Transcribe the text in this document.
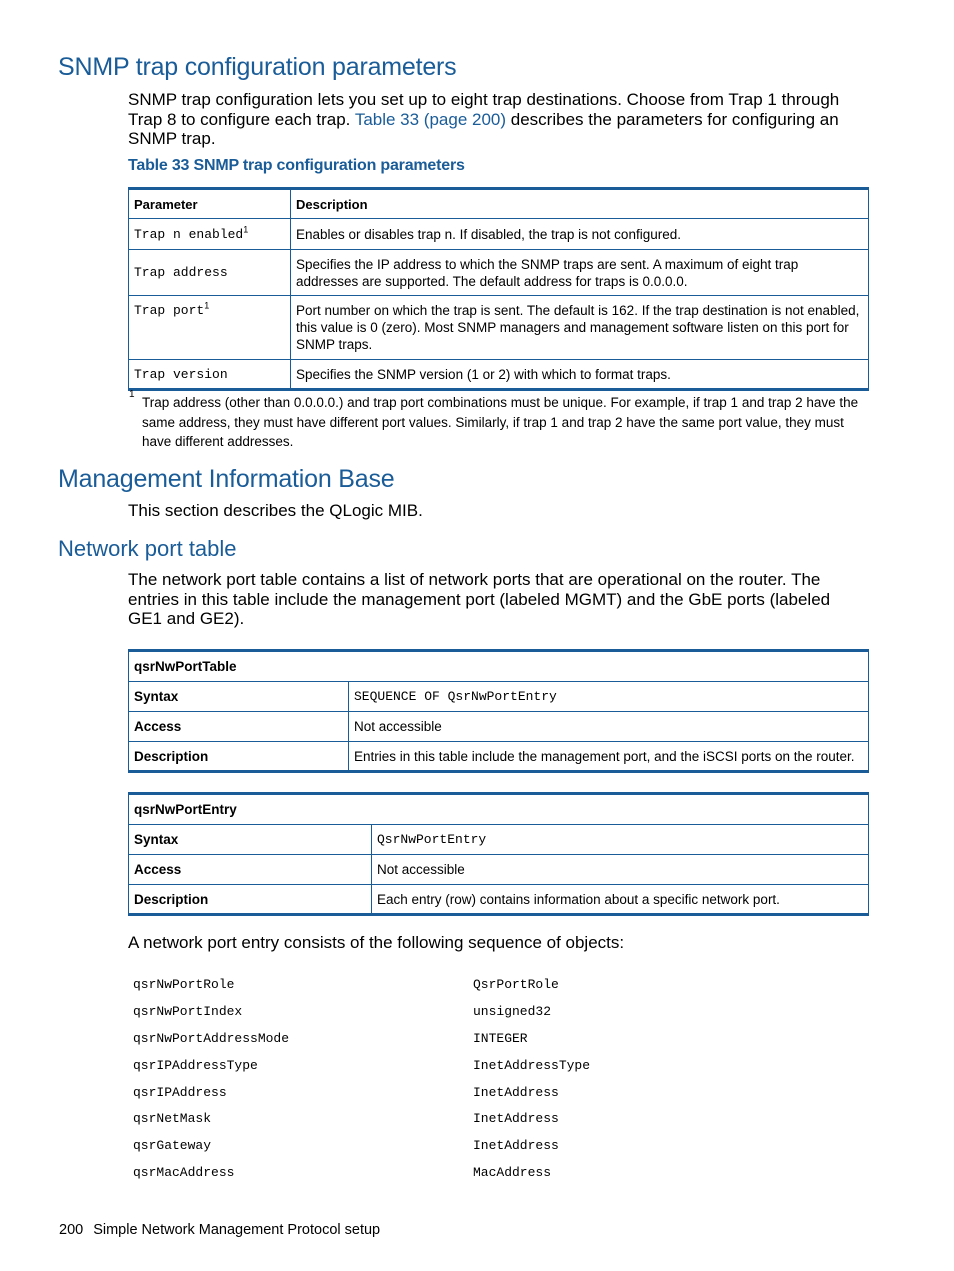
SNMP trap configuration parameters
SNMP trap configuration lets you set up to eight trap destinations. Choose from Trap 1 through
Trap 8 to configure each trap. Table 33 (page 200) describes the parameters for configuring an
SNMP trap.
Table 33 SNMP trap configuration parameters
Parameter	Description
Trap n enabled$^1$	Enables or disables trap n. If disabled, the trap is not configured.
Trap address	Specifies the IP address to which the SNMP traps are sent. A maximum of eight trap addresses are supported. The default address for traps is 0.0.0.0.
Trap port$^1$	Port number on which the trap is sent. The default is 162. If the trap destination is not enabled, this value is 0 (zero). Most SNMP managers and management software listen on this port for SNMP traps.
Trap version	Specifies the SNMP version (1 or 2) with which to format traps.
1
Trap address (other than 0.0.0.0.) and trap port combinations must be unique. For example, if trap 1 and trap 2 have the same address, they must have different port values. Similarly, if trap 1 and trap 2 have the same port value, they must have different addresses.
Management Information Base
This section describes the QLogic MIB.
Network port table
The network port table contains a list of network ports that are operational on the router. The entries in this table include the management port (labeled MGMT) and the GbE ports (labeled GE1 and GE2).
qsrNwPortTable	
Syntax	SEQUENCE OF QsrNwPortEntry
Access	Not accessible
Description	Entries in this table include the management port, and the iSCSI ports on the router.
qsrNwPortEntry	
Syntax	QsrNwPortEntry
Access	Not accessible
Description	Each entry (row) contains information about a specific network port.
A network port entry consists of the following sequence of objects:
qsrNwPortRole	QsrPortRole
qsrNwPortIndex	unsigned32
qsrNwPortAddressMode	INTEGER
qsrIPAddressType	InetAddressType
qsrIPAddress	InetAddress
qsrNetMask	InetAddress
qsrGateway	InetAddress
qsrMacAddress	MacAddress
200 Simple Network Management Protocol setup
